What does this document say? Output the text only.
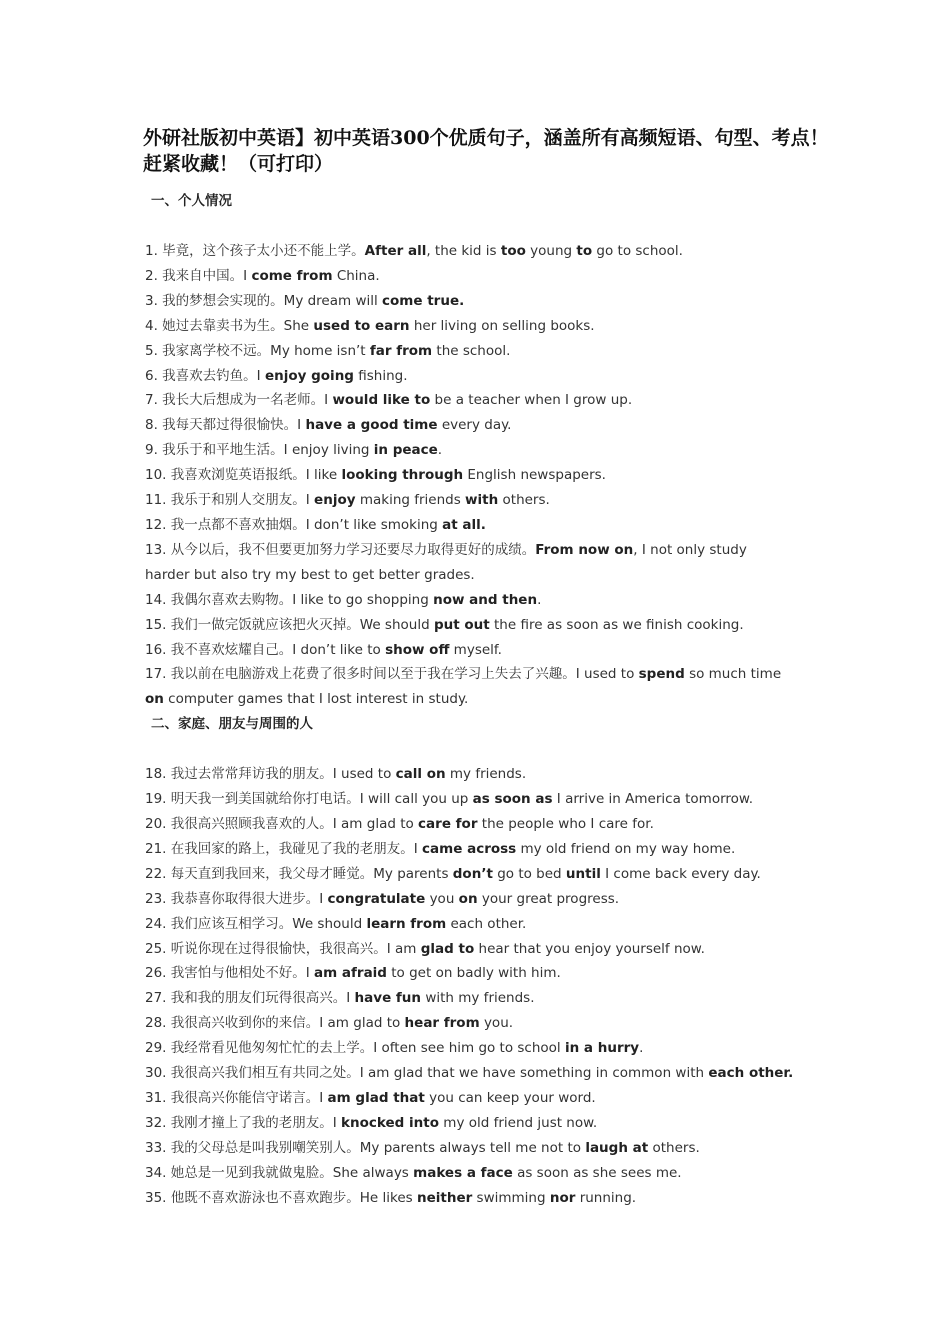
外研社版初中英语】初中英语300个优质句子，涵盖所有高频短语、句型、考点！赶紧收藏！（可打印）
一、个人情况

1. 毕竟，这个孩子太小还不能上学。After all, the kid is too young to go to school.

2. 我来自中国。I come from China.

3. 我的梦想会实现的。My dream will come true.

4. 她过去靠卖书为生。She used to earn her living on selling books.

5. 我家离学校不远。My home isn’t far from the school.

6. 我喜欢去钓鱼。I enjoy going fishing.

7. 我长大后想成为一名老师。I would like to be a teacher when I grow up.

8. 我每天都过得很愉快。I have a good time every day.

9. 我乐于和平地生活。I enjoy living in peace.

10. 我喜欢浏览英语报纸。I like looking through English newspapers.

11. 我乐于和别人交朋友。I enjoy making friends with others.

12. 我一点都不喜欢抽烟。I don’t like smoking at all.

13. 从今以后，我不但要更加努力学习还要尽力取得更好的成绩。From now on, I not only study harder but also try my best to get better grades.

14. 我偶尔喜欢去购物。I like to go shopping now and then.

15. 我们一做完饭就应该把火灭掉。We should put out the fire as soon as we finish cooking.

16. 我不喜欢炫耀自己。I don’t like to show off myself.

17. 我以前在电脑游戏上花费了很多时间以至于我在学习上失去了兴趣。I used to spend so much time on computer games that I lost interest in study.

二、家庭、朋友与周围的人

18. 我过去常常拜访我的朋友。I used to call on my friends.

19. 明天我一到美国就给你打电话。I will call you up as soon as I arrive in America tomorrow.

20. 我很高兴照顾我喜欢的人。I am glad to care for the people who I care for.

21. 在我回家的路上，我碰见了我的老朋友。I came across my old friend on my way home.

22. 每天直到我回来，我父母才睡觉。My parents don’t go to bed until I come back every day.

23. 我恭喜你取得很大进步。I congratulate you on your great progress.

24. 我们应该互相学习。We should learn from each other.

25. 听说你现在过得很愉快，我很高兴。I am glad to hear that you enjoy yourself now.

26. 我害怕与他相处不好。I am afraid to get on badly with him.

27. 我和我的朋友们玩得很高兴。I have fun with my friends.

28. 我很高兴收到你的来信。I am glad to hear from you.

29. 我经常看见他匆匆忙忙的去上学。I often see him go to school in a hurry.

30. 我很高兴我们相互有共同之处。I am glad that we have something in common with each other.

31. 我很高兴你能信守诺言。I am glad that you can keep your word.

32. 我刚才撞上了我的老朋友。I knocked into my old friend just now.

33. 我的父母总是叫我别嘲笑别人。My parents always tell me not to laugh at others.

34. 她总是一见到我就做鬼脸。She always makes a face as soon as she sees me.

35. 他既不喜欢游泳也不喜欢跑步。He likes neither swimming nor running.
